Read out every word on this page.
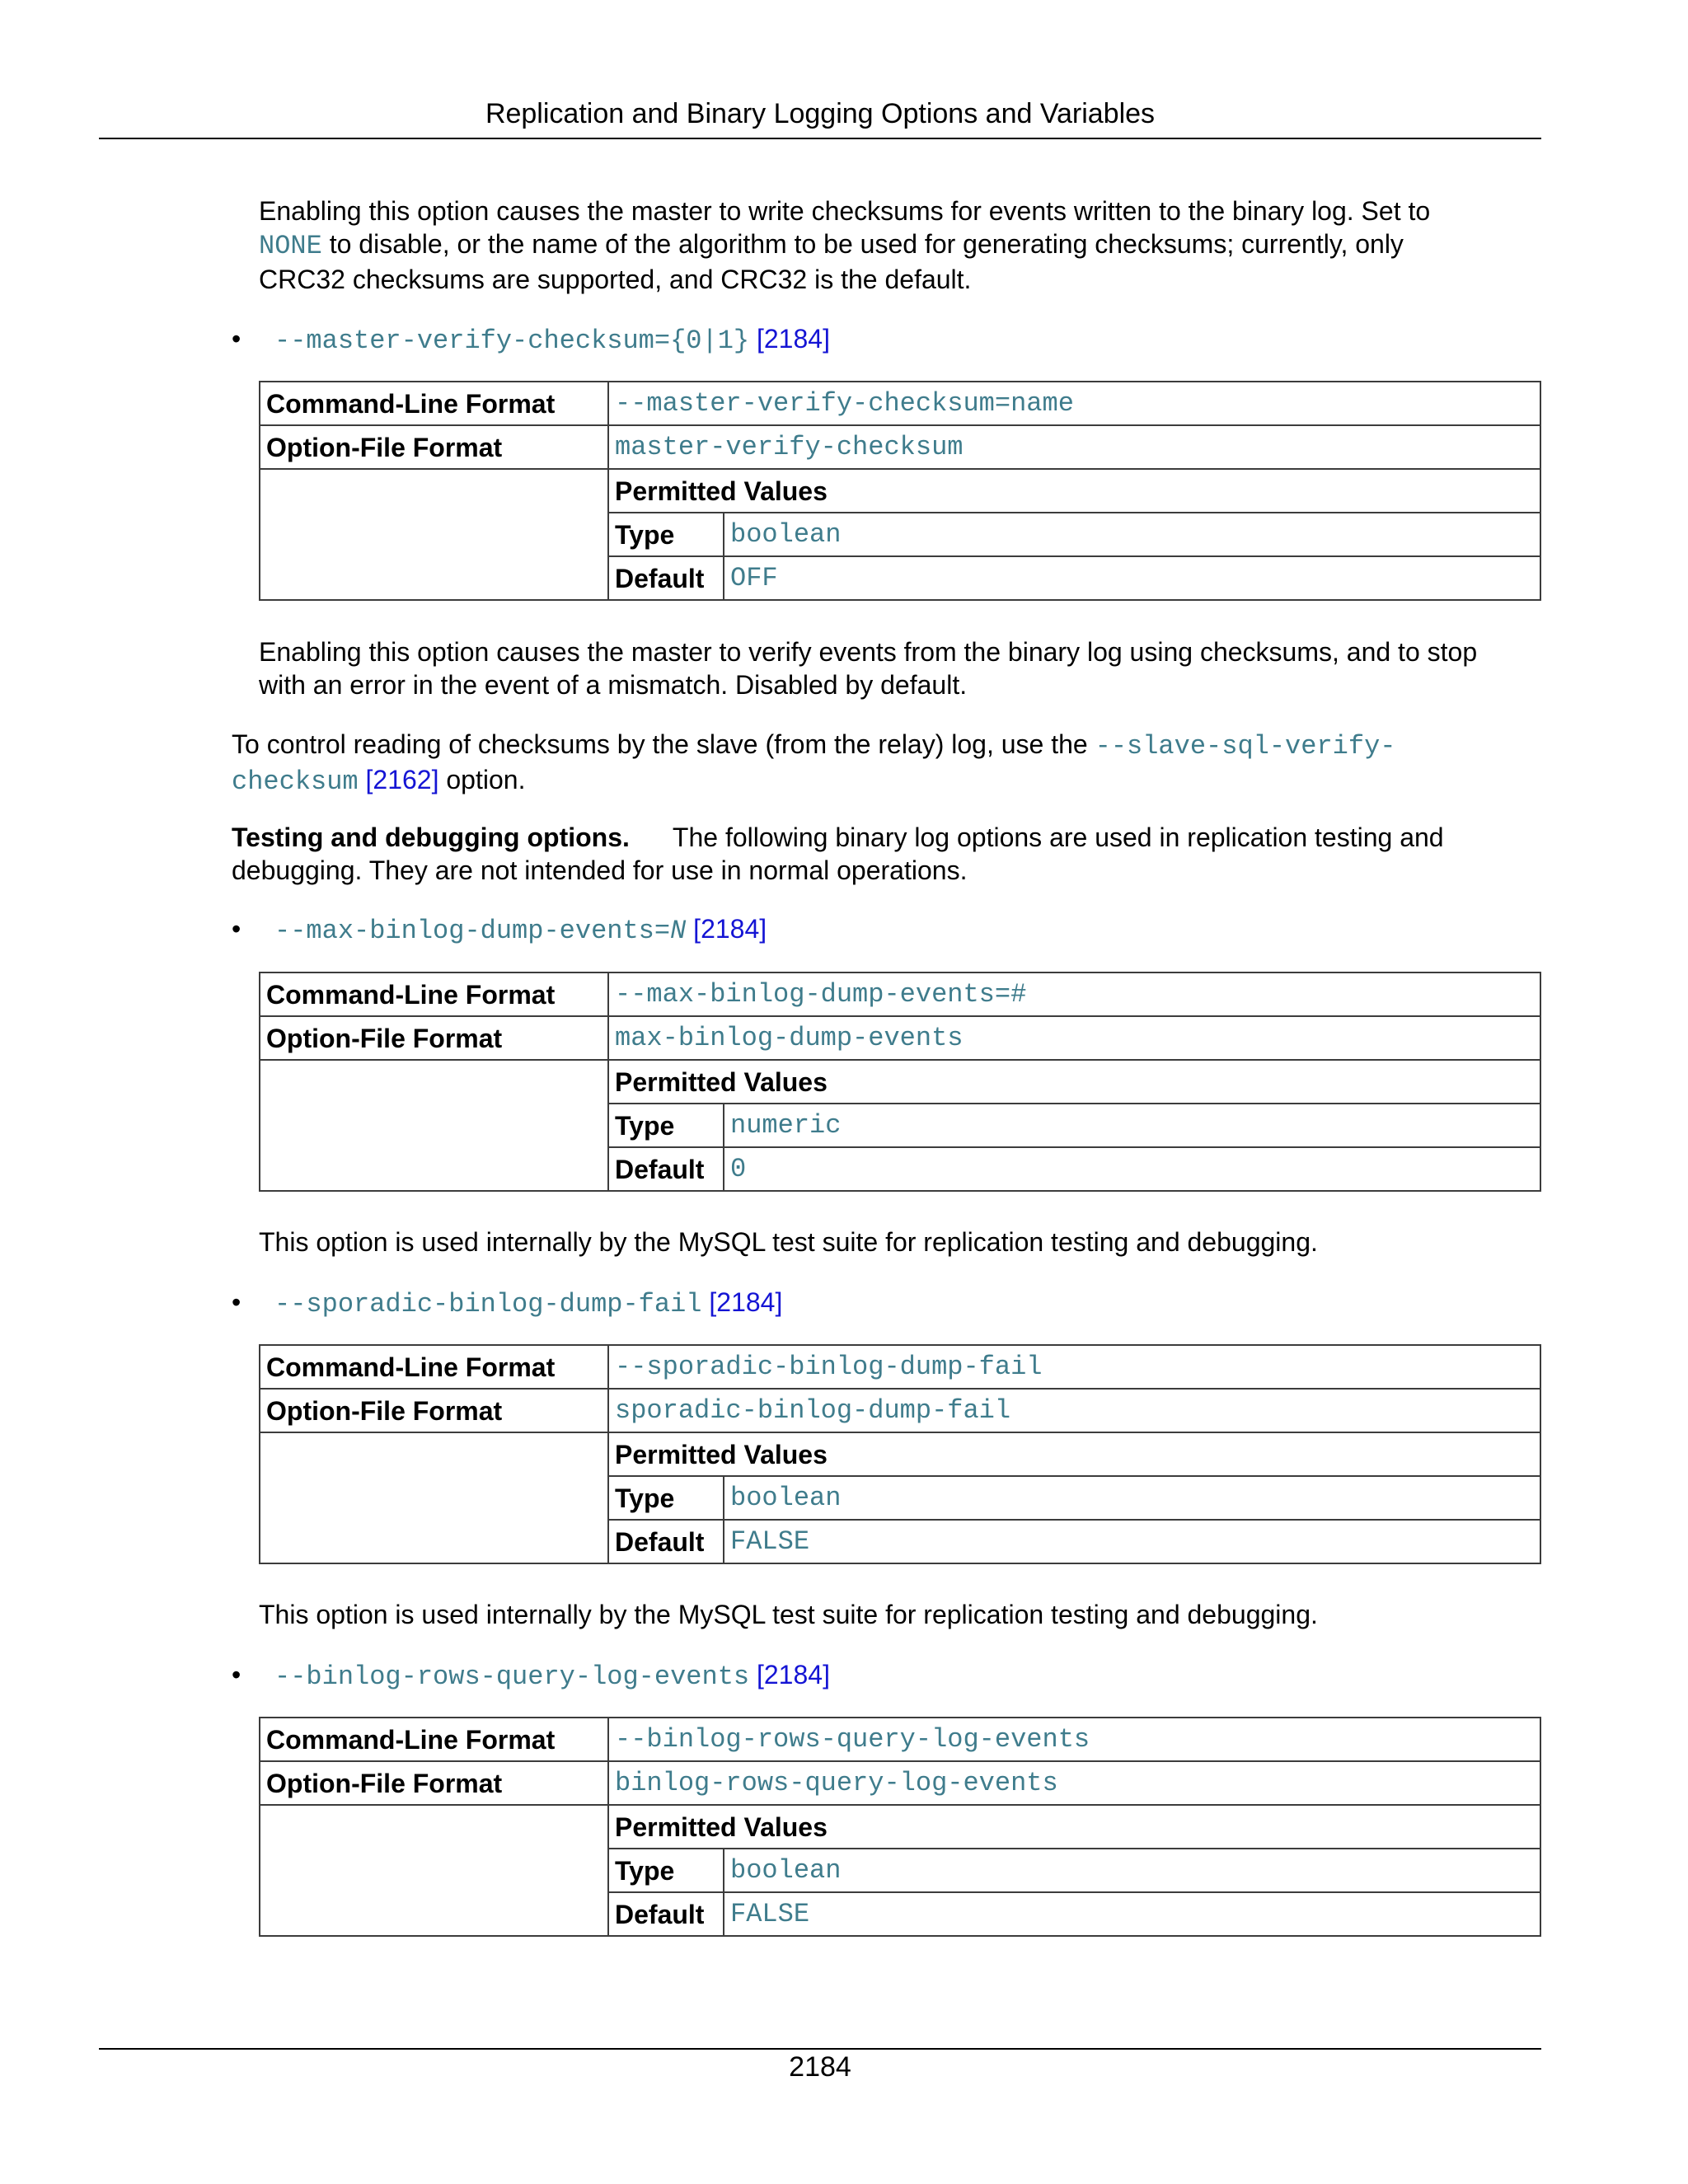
Replication and Binary Logging Options and Variables
Enabling this option causes the master to write checksums for events written to the binary log. Set to
NONE to disable, or the name of the algorithm to be used for generating checksums; currently, only
CRC32 checksums are supported, and CRC32 is the default.
• --master-verify-checksum={0|1} [2184]
Command-Line Format	--master-verify-checksum=name	
Option-File Format	master-verify-checksum	
	Permitted Values	
	Type	boolean
	Default	OFF
Enabling this option causes the master to verify events from the binary log using checksums, and to stop
with an error in the event of a mismatch. Disabled by default.
To control reading of checksums by the slave (from the relay) log, use the --slave-sql-verify-
checksum [2162] option.
Testing and debugging options. The following binary log options are used in replication testing and
debugging. They are not intended for use in normal operations.
• --max-binlog-dump-events=N [2184]
Command-Line Format	--max-binlog-dump-events=#	
Option-File Format	max-binlog-dump-events	
	Permitted Values	
	Type	numeric
	Default	0
This option is used internally by the MySQL test suite for replication testing and debugging.
• --sporadic-binlog-dump-fail [2184]
Command-Line Format	--sporadic-binlog-dump-fail	
Option-File Format	sporadic-binlog-dump-fail	
	Permitted Values	
	Type	boolean
	Default	FALSE
This option is used internally by the MySQL test suite for replication testing and debugging.
• --binlog-rows-query-log-events [2184]
Command-Line Format	--binlog-rows-query-log-events	
Option-File Format	binlog-rows-query-log-events	
	Permitted Values	
	Type	boolean
	Default	FALSE
2184
